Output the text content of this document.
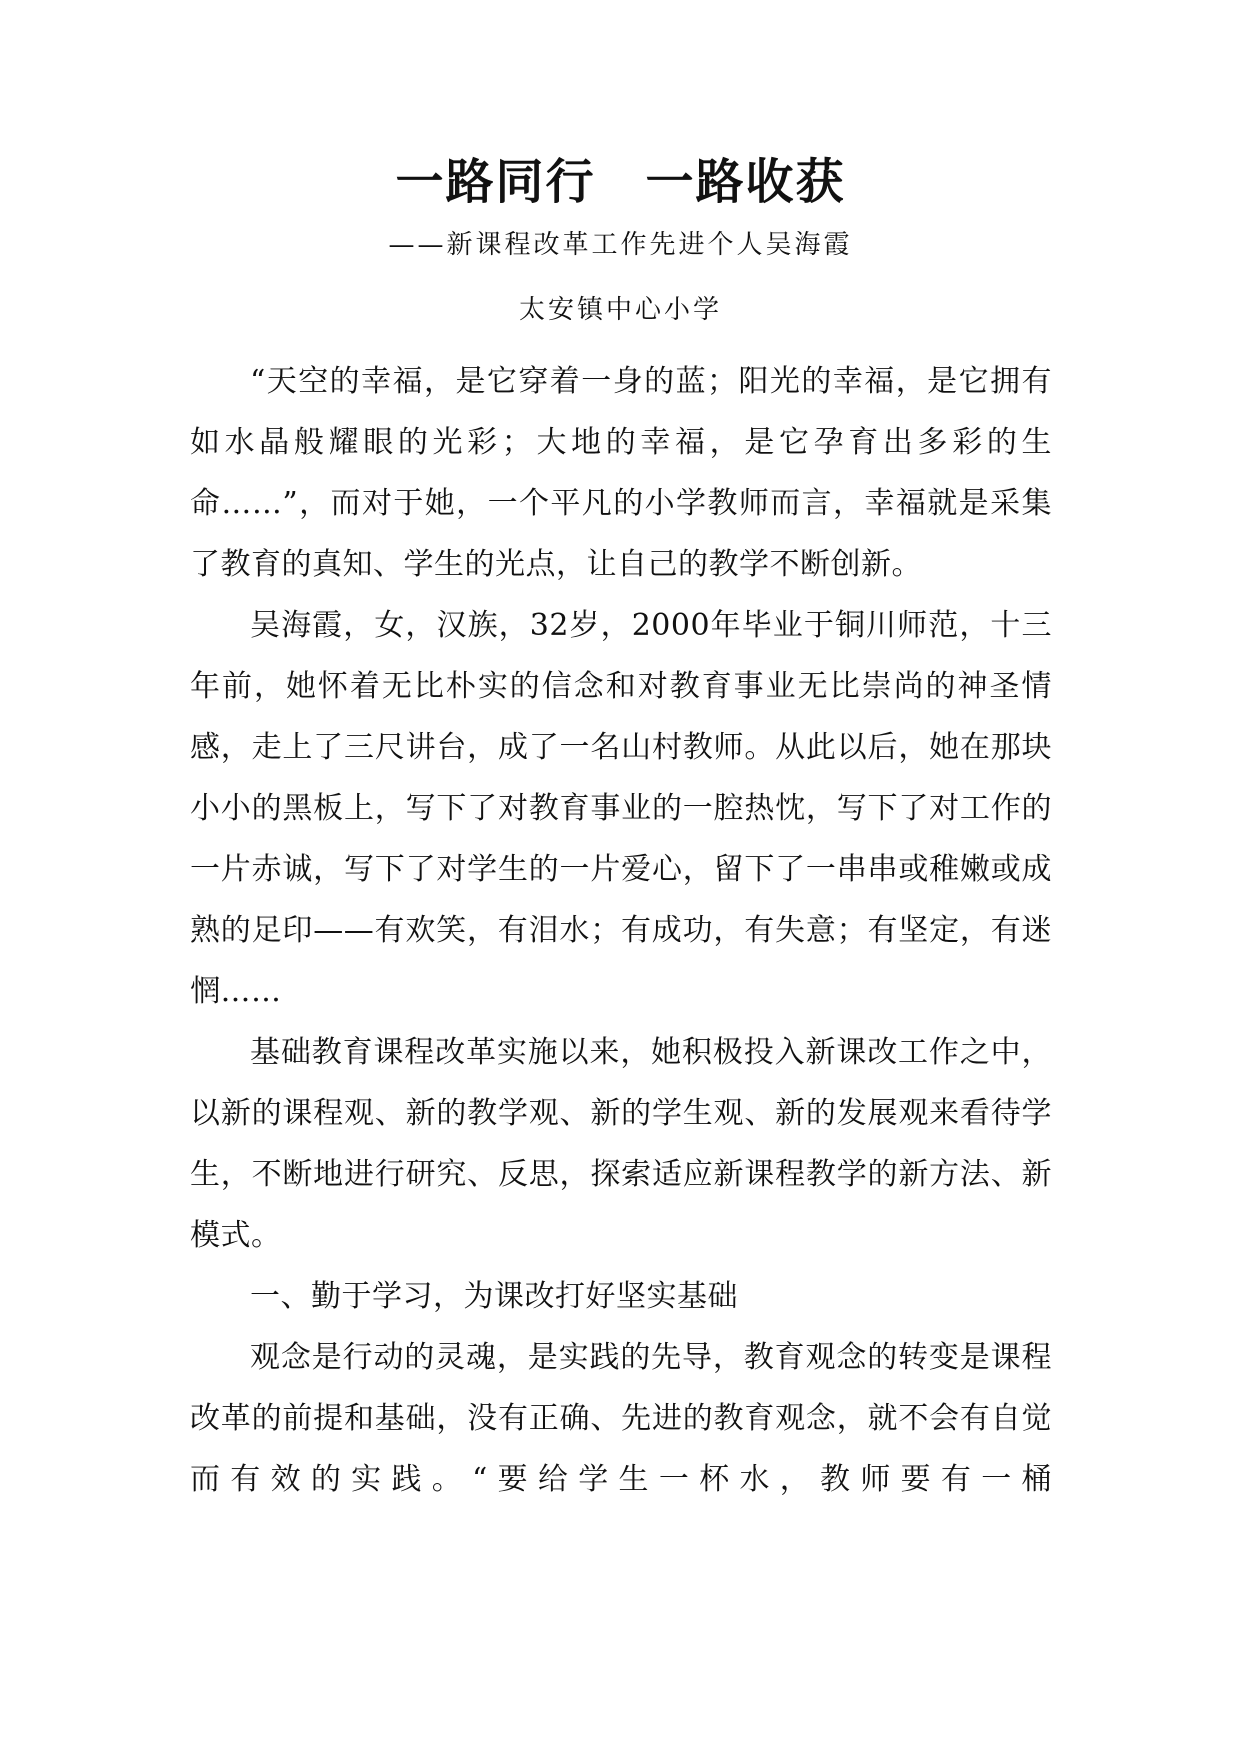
一路同行　一路收获
——新课程改革工作先进个人吴海霞
太安镇中心小学

“天空的幸福，是它穿着一身的蓝；阳光的幸福，是它拥有如水晶般耀眼的光彩；大地的幸福，是它孕育出多彩的生命……”，而对于她，一个平凡的小学教师而言，幸福就是采集了教育的真知、学生的光点，让自己的教学不断创新。

吴海霞，女，汉族，32岁，2000年毕业于铜川师范，十三年前，她怀着无比朴实的信念和对教育事业无比崇尚的神圣情感，走上了三尺讲台，成了一名山村教师。从此以后，她在那块小小的黑板上，写下了对教育事业的一腔热忱，写下了对工作的一片赤诚，写下了对学生的一片爱心，留下了一串串或稚嫩或成熟的足印——有欢笑，有泪水；有成功，有失意；有坚定，有迷惘……

基础教育课程改革实施以来，她积极投入新课改工作之中，以新的课程观、新的教学观、新的学生观、新的发展观来看待学生，不断地进行研究、反思，探索适应新课程教学的新方法、新模式。

一、勤于学习，为课改打好坚实基础

观念是行动的灵魂，是实践的先导，教育观念的转变是课程改革的前提和基础，没有正确、先进的教育观念，就不会有自觉而有效的实践。“要给学生一杯水，教师要有一桶
